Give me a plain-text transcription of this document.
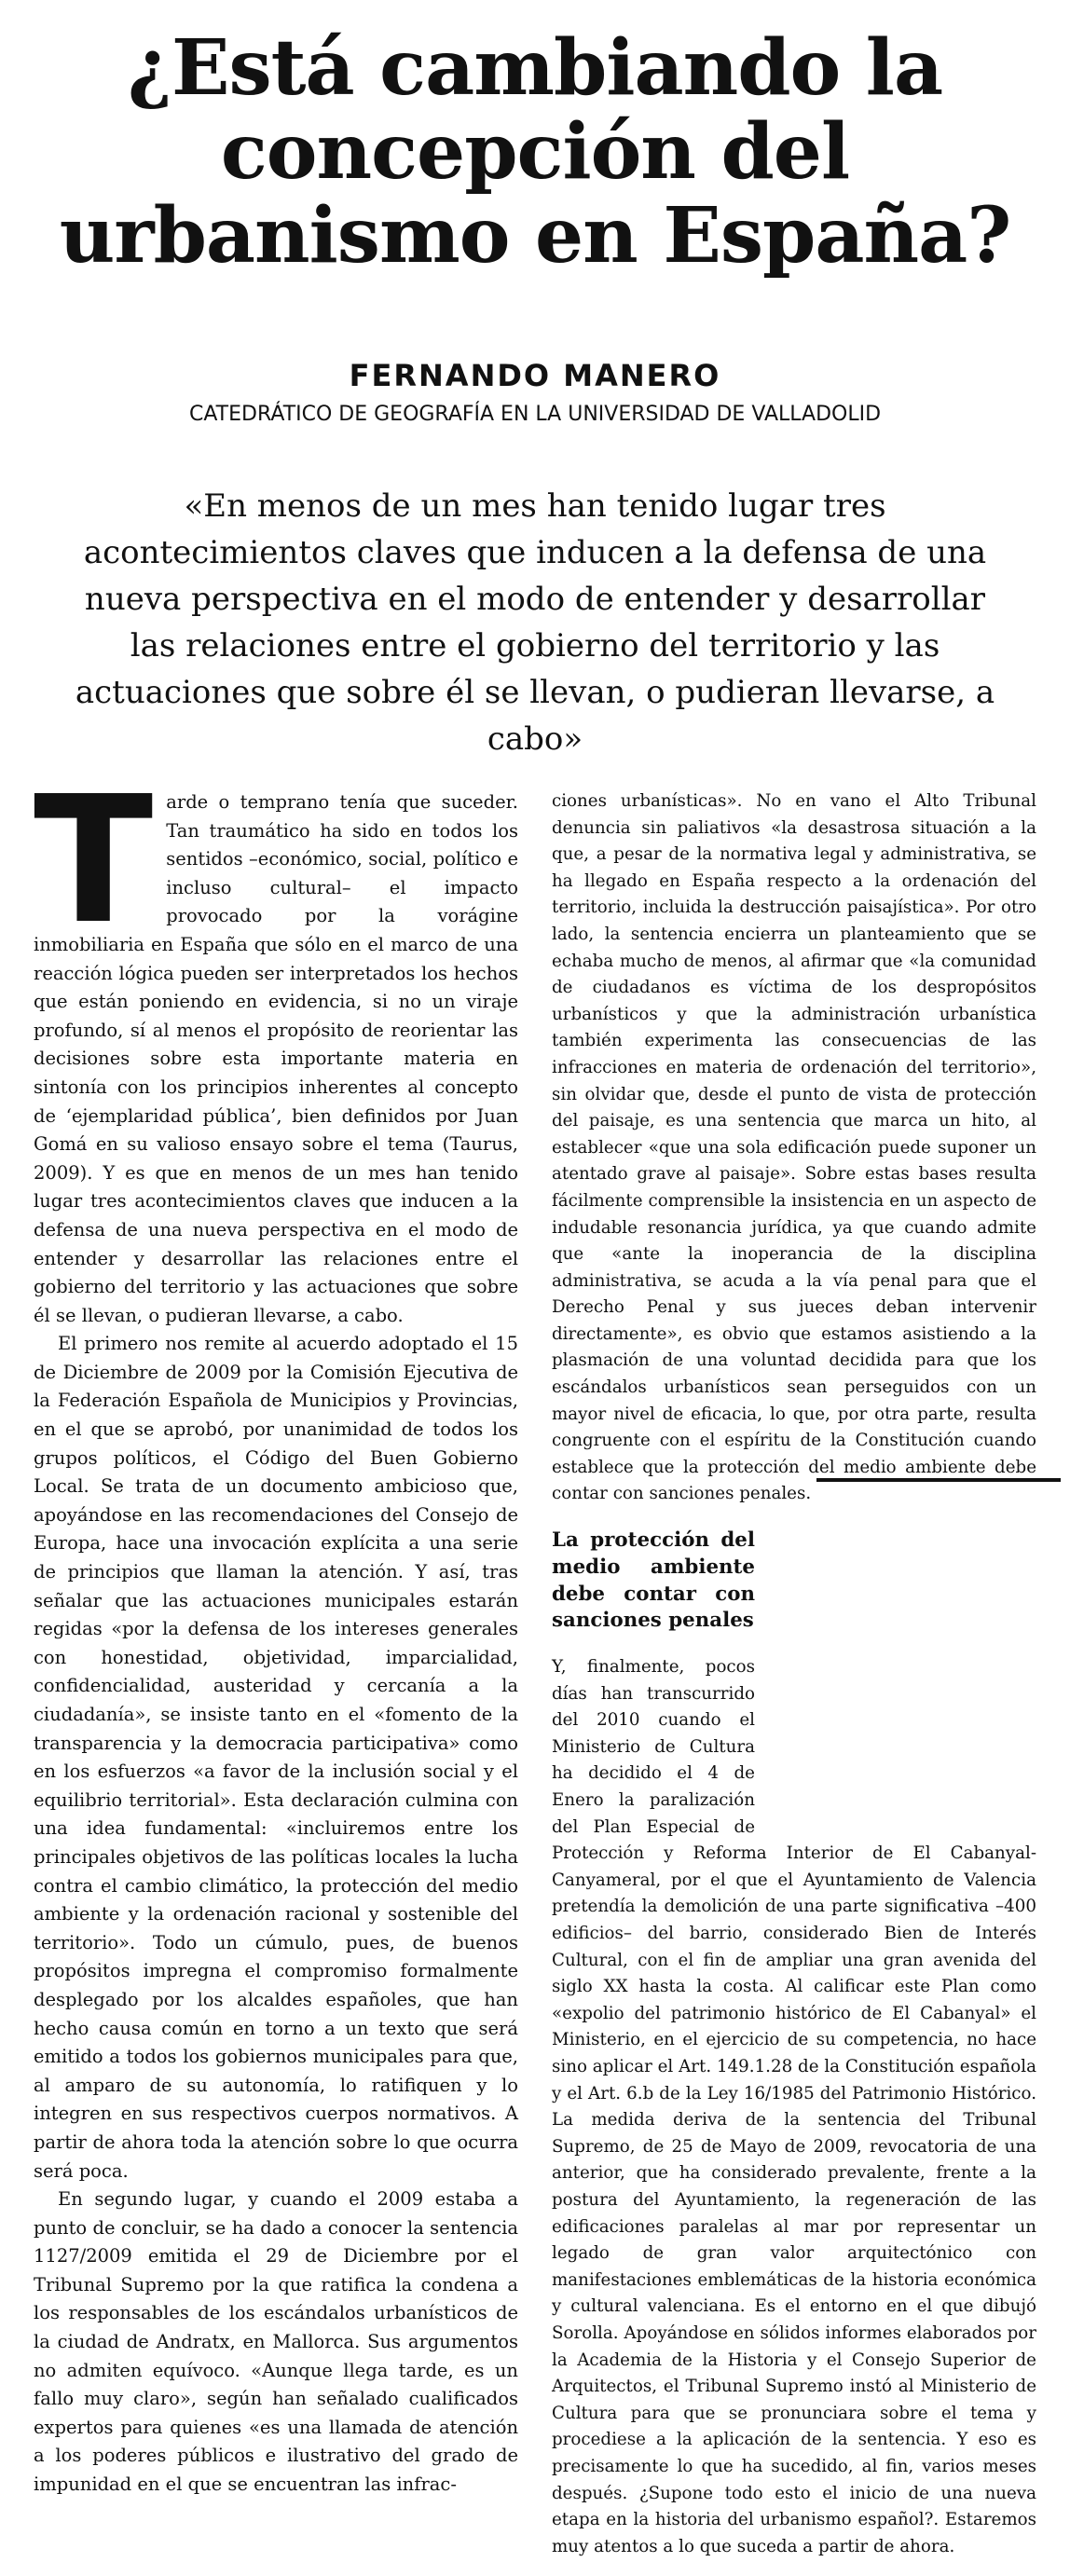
¿Está cambiando la concepción del urbanismo en España?
FERNANDO MANERO
CATEDRÁTICO DE GEOGRAFÍA EN LA UNIVERSIDAD DE VALLADOLID

«En menos de un mes han tenido lugar tres acontecimientos claves que inducen a la defensa de una nueva perspectiva en el modo de entender y desarrollar las relaciones entre el gobierno del territorio y las actuaciones que sobre él se llevan, o pudieran llevarse, a cabo»

Tarde o temprano tenía que suceder. Tan traumático ha sido en todos los sentidos –económico, social, político e incluso cultural– el impacto provocado por la vorágine inmobiliaria en España que sólo en el marco de una reacción lógica pueden ser interpretados los hechos que están poniendo en evidencia, si no un viraje profundo, sí al menos el propósito de reorientar las decisiones sobre esta importante materia en sintonía con los principios inherentes al concepto de ‘ejemplaridad pública’, bien definidos por Juan Gomá en su valioso ensayo sobre el tema (Taurus, 2009). Y es que en menos de un mes han tenido lugar tres acontecimientos claves que inducen a la defensa de una nueva perspectiva en el modo de entender y desarrollar las relaciones entre el gobierno del territorio y las actuaciones que sobre él se llevan, o pudieran llevarse, a cabo.

El primero nos remite al acuerdo adoptado el 15 de Diciembre de 2009 por la Comisión Ejecutiva de la Federación Española de Municipios y Provincias, en el que se aprobó, por unanimidad de todos los grupos políticos, el Código del Buen Gobierno Local. Se trata de un documento ambicioso que, apoyándose en las recomendaciones del Consejo de Europa, hace una invocación explícita a una serie de principios que llaman la atención. Y así, tras señalar que las actuaciones municipales estarán regidas «por la defensa de los intereses generales con honestidad, objetividad, imparcialidad, confidencialidad, austeridad y cercanía a la ciudadanía», se insiste tanto en el «fomento de la transparencia y la democracia participativa» como en los esfuerzos «a favor de la inclusión social y el equilibrio territorial». Esta declaración culmina con una idea fundamental: «incluiremos entre los principales objetivos de las políticas locales la lucha contra el cambio climático, la protección del medio ambiente y la ordenación racional y sostenible del territorio». Todo un cúmulo, pues, de buenos propósitos impregna el compromiso formalmente desplegado por los alcaldes españoles, que han hecho causa común en torno a un texto que será emitido a todos los gobiernos municipales para que, al amparo de su autonomía, lo ratifiquen y lo integren en sus respectivos cuerpos normativos. A partir de ahora toda la atención sobre lo que ocurra será poca.

En segundo lugar, y cuando el 2009 estaba a punto de concluir, se ha dado a conocer la sentencia 1127/2009 emitida el 29 de Diciembre por el Tribunal Supremo por la que ratifica la condena a los responsables de los escándalos urbanísticos de la ciudad de Andratx, en Mallorca. Sus argumentos no admiten equívoco. «Aunque llega tarde, es un fallo muy claro», según han señalado cualificados expertos para quienes «es una llamada de atención a los poderes públicos e ilustrativo del grado de impunidad en el que se encuentran las infrac-

ciones urbanísticas». No en vano el Alto Tribunal denuncia sin paliativos «la desastrosa situación a la que, a pesar de la normativa legal y administrativa, se ha llegado en España respecto a la ordenación del territorio, incluida la destrucción paisajística». Por otro lado, la sentencia encierra un planteamiento que se echaba mucho de menos, al afirmar que «la comunidad de ciudadanos es víctima de los despropósitos urbanísticos y que la administración urbanística también experimenta las consecuencias de las infracciones en materia de ordenación del territorio», sin olvidar que, desde el punto de vista de protección del paisaje, es una sentencia que marca un hito, al establecer «que una sola edificación puede suponer un atentado grave al paisaje». Sobre estas bases resulta fácilmente comprensible la insistencia en un aspecto de indudable resonancia jurídica, ya que cuando admite que «ante la inoperancia de la disciplina administrativa, se acuda a la vía penal para que el Derecho Penal y sus jueces deban intervenir directamente», es obvio que estamos asistiendo a la plasmación de una voluntad decidida para que los escándalos urbanísticos sean perseguidos con un mayor nivel de eficacia, lo que, por otra parte, resulta congruente con el espíritu de la Constitución cuando establece que la protección del medio ambiente debe contar con sanciones penales.

La protección del medio ambiente debe contar con sanciones penales
Y, finalmente, pocos días han transcurrido del 2010 cuando el Ministerio de Cultura ha decidido el 4 de Enero la paralización del Plan Especial de Protección y Reforma Interior de El Cabanyal-Canyameral, por el que el Ayuntamiento de Valencia pretendía la demolición de una parte significativa –400 edificios– del barrio, considerado Bien de Interés Cultural, con el fin de ampliar una gran avenida del siglo XX hasta la costa. Al calificar este Plan como «expolio del patrimonio histórico de El Cabanyal» el Ministerio, en el ejercicio de su competencia, no hace sino aplicar el Art. 149.1.28 de la Constitución española y el Art. 6.b de la Ley 16/1985 del Patrimonio Histórico. La medida deriva de la sentencia del Tribunal Supremo, de 25 de Mayo de 2009, revocatoria de una anterior, que ha considerado prevalente, frente a la postura del Ayuntamiento, la regeneración de las edificaciones paralelas al mar por representar un legado de gran valor arquitectónico con manifestaciones emblemáticas de la historia económica y cultural valenciana. Es el entorno en el que dibujó Sorolla. Apoyándose en sólidos informes elaborados por la Academia de la Historia y el Consejo Superior de Arquitectos, el Tribunal Supremo instó al Ministerio de Cultura para que se pronunciara sobre el tema y procediese a la aplicación de la sentencia. Y eso es precisamente lo que ha sucedido, al fin, varios meses después. ¿Supone todo esto el inicio de una nueva etapa en la historia del urbanismo español?. Estaremos muy atentos a lo que suceda a partir de ahora.
